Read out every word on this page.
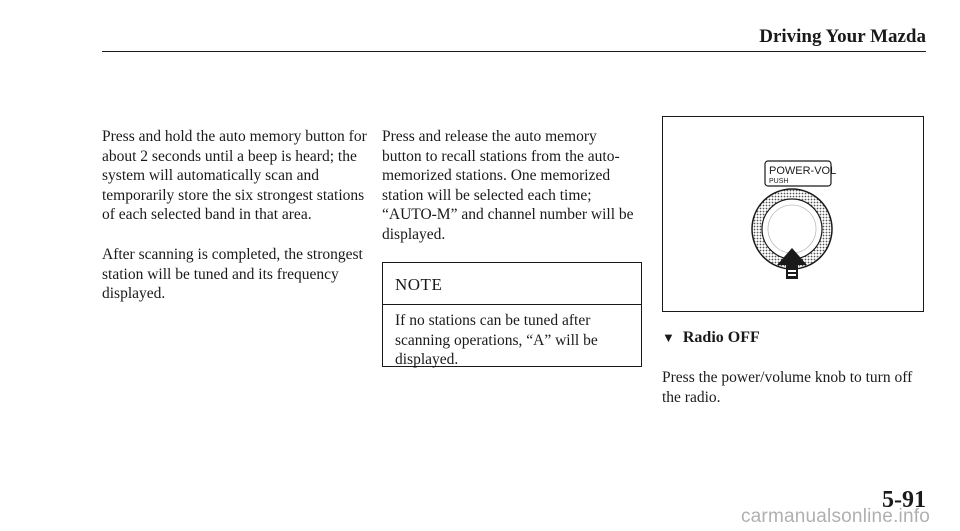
Driving Your Mazda

Press and hold the auto memory button for about 2 seconds until a beep is heard; the system will automatically scan and temporarily store the six strongest stations of each selected band in that area.

After scanning is completed, the strongest station will be tuned and its frequency displayed.

Press and release the auto memory button to recall stations from the auto-memorized stations. One memorized station will be selected each time; “AUTO-M” and channel number will be displayed.

NOTE
If no stations can be tuned after scanning operations, “A” will be displayed.
POWER-VOL
PUSH
▼ Radio OFF

Press the power/volume knob to turn off the radio.

5-91
carmanualsonline.info
